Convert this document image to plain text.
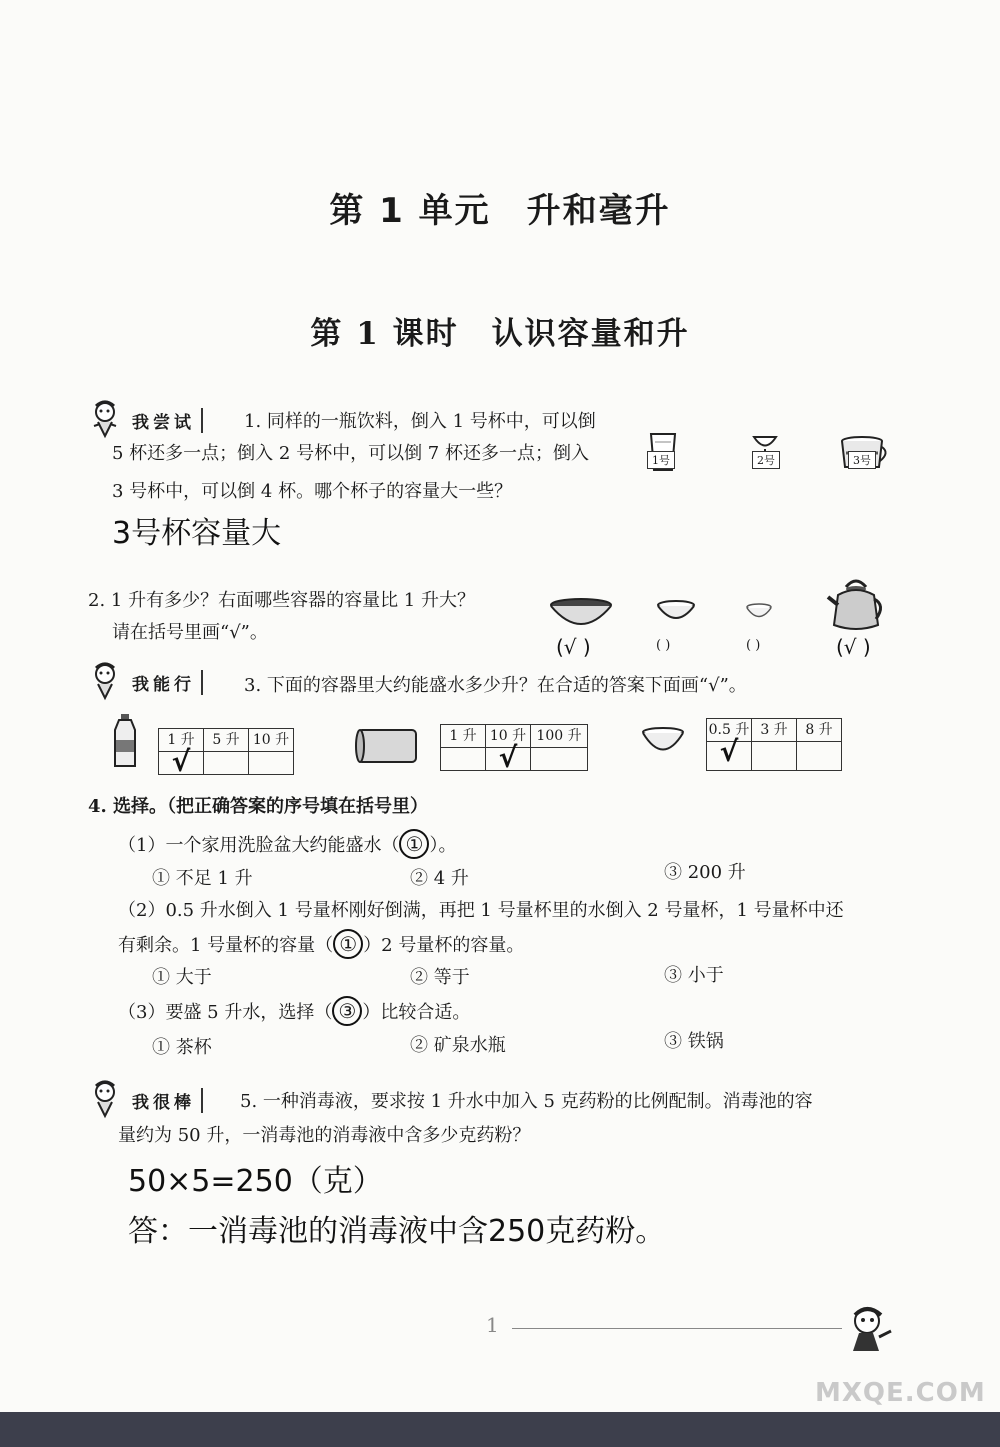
第 1 单元　升和毫升
第 1 课时　认识容量和升
我尝试	1. 同样的一瓶饮料，倒入 1 号杯中，可以倒
5 杯还多一点；倒入 2 号杯中，可以倒 7 杯还多一点；倒入
3 号杯中，可以倒 4 杯。哪个杯子的容量大一些？
1号	2号	3号
3号杯容量大
2. 1 升有多少？右面哪些容器的容量比 1 升大？
请在括号里画“√”。
(√ )	( )	( )	(√ )
我能行	3. 下面的容器里大约能盛水多少升？在合适的答案下面画“√”。
1 升	5 升	10 升
√		
1 升	10 升	100 升
	√	
0.5 升	3 升	8 升
√		
4. 选择。（把正确答案的序号填在括号里）
（1）一个家用洗脸盆大约能盛水（ ① ）。
① 不足 1 升	② 4 升	③ 200 升
（2）0.5 升水倒入 1 号量杯刚好倒满，再把 1 号量杯里的水倒入 2 号量杯，1 号量杯中还
有剩余。1 号量杯的容量（ ① ）2 号量杯的容量。
① 大于	② 等于	③ 小于
（3）要盛 5 升水，选择（ ③ ）比较合适。
① 茶杯	② 矿泉水瓶	③ 铁锅
我很棒	5. 一种消毒液，要求按 1 升水中加入 5 克药粉的比例配制。消毒池的容
量约为 50 升，一消毒池的消毒液中含多少克药粉？
50×5=250（克）
答：一消毒池的消毒液中含250克药粉。
1
MXQE.COM
